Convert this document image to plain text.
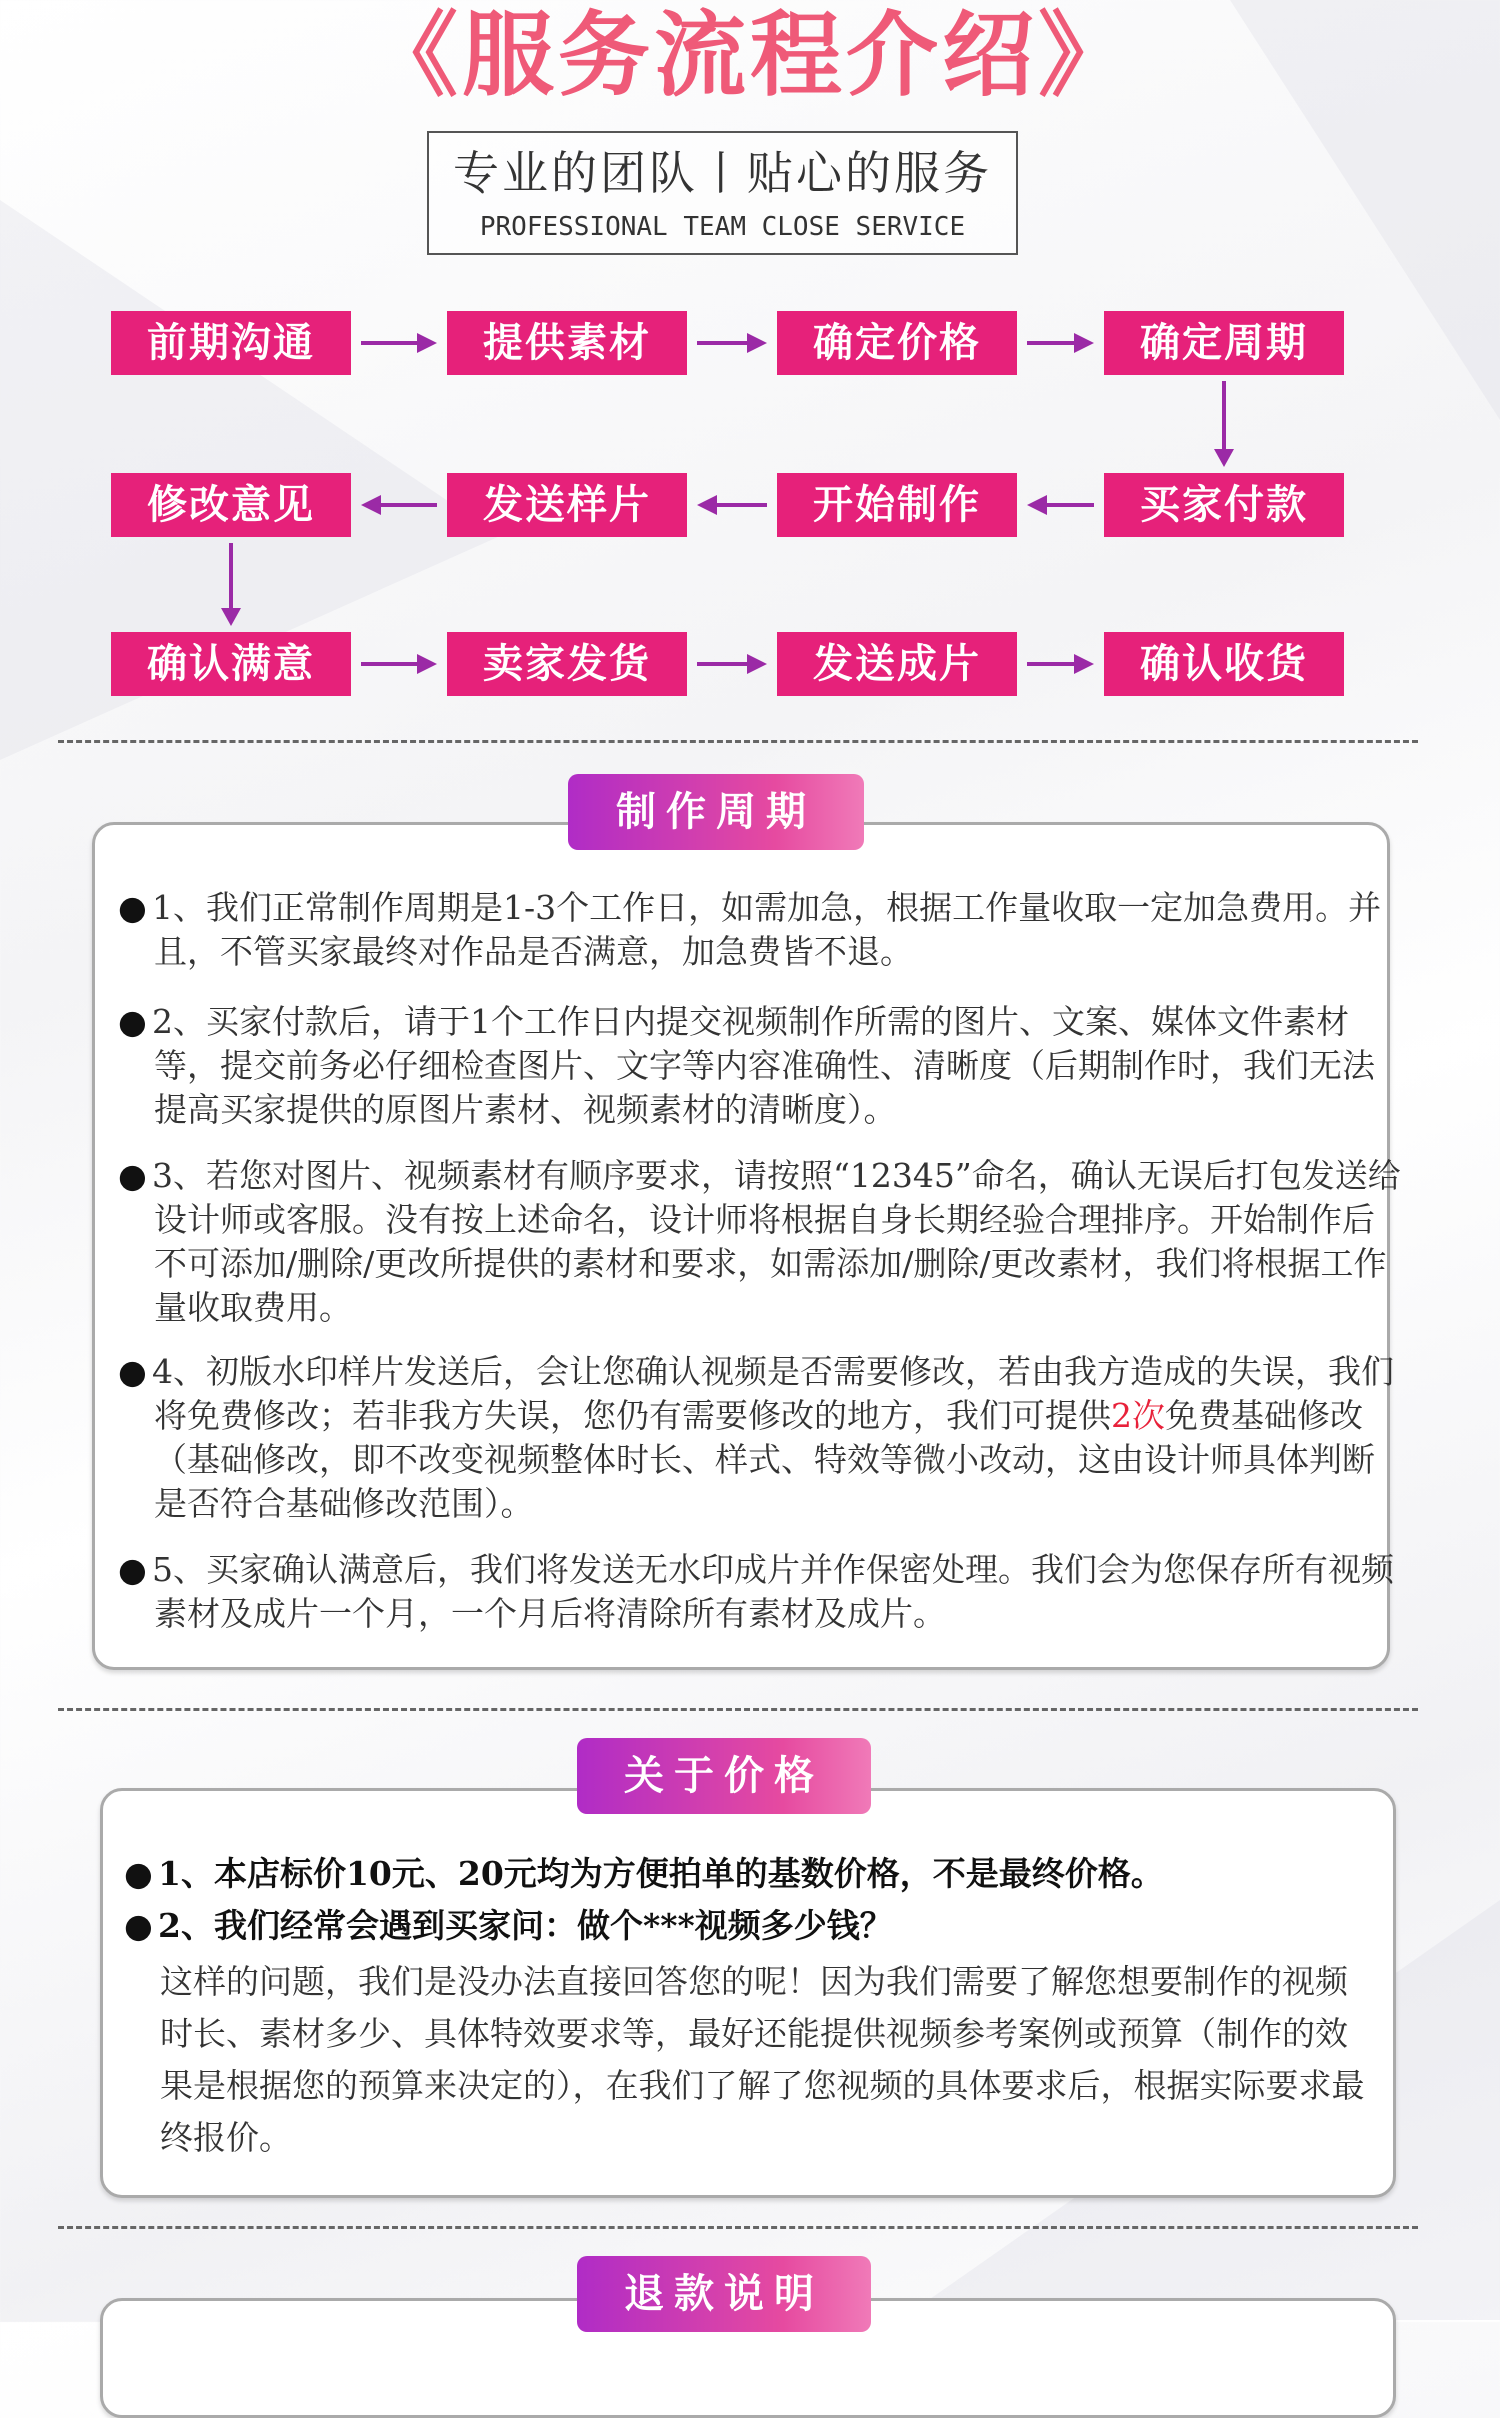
《服务流程介绍》
专业的团队丨贴心的服务
PROFESSIONAL TEAM CLOSE SERVICE
前期沟通	提供素材	确定价格	确定周期
买家付款
开始制作
发送样片
修改意见
确认满意	卖家发货	发送成片	确认收货
制作周期
● 1、我们正常制作周期是1-3个工作日，如需加急，根据工作量收取一定加急费用。并且，不管买家最终对作品是否满意，加急费皆不退。
● 2、买家付款后，请于1个工作日内提交视频制作所需的图片、文案、媒体文件素材等，提交前务必仔细检查图片、文字等内容准确性、清晰度（后期制作时，我们无法提高买家提供的原图片素材、视频素材的清晰度）。
● 3、若您对图片、视频素材有顺序要求，请按照“12345”命名，确认无误后打包发送给设计师或客服。没有按上述命名，设计师将根据自身长期经验合理排序。开始制作后不可添加/删除/更改所提供的素材和要求，如需添加/删除/更改素材，我们将根据工作量收取费用。
● 4、初版水印样片发送后，会让您确认视频是否需要修改，若由我方造成的失误，我们将免费修改；若非我方失误，您仍有需要修改的地方，我们可提供2次免费基础修改（基础修改，即不改变视频整体时长、样式、特效等微小改动，这由设计师具体判断是否符合基础修改范围）。
● 5、买家确认满意后，我们将发送无水印成片并作保密处理。我们会为您保存所有视频素材及成片一个月，一个月后将清除所有素材及成片。
关于价格
● 1、本店标价10元、20元均为方便拍单的基数价格，不是最终价格。
● 2、我们经常会遇到买家问：做个***视频多少钱？
这样的问题，我们是没办法直接回答您的呢！因为我们需要了解您想要制作的视频时长、素材多少、具体特效要求等，最好还能提供视频参考案例或预算（制作的效果是根据您的预算来决定的），在我们了解了您视频的具体要求后，根据实际要求最终报价。
退款说明
